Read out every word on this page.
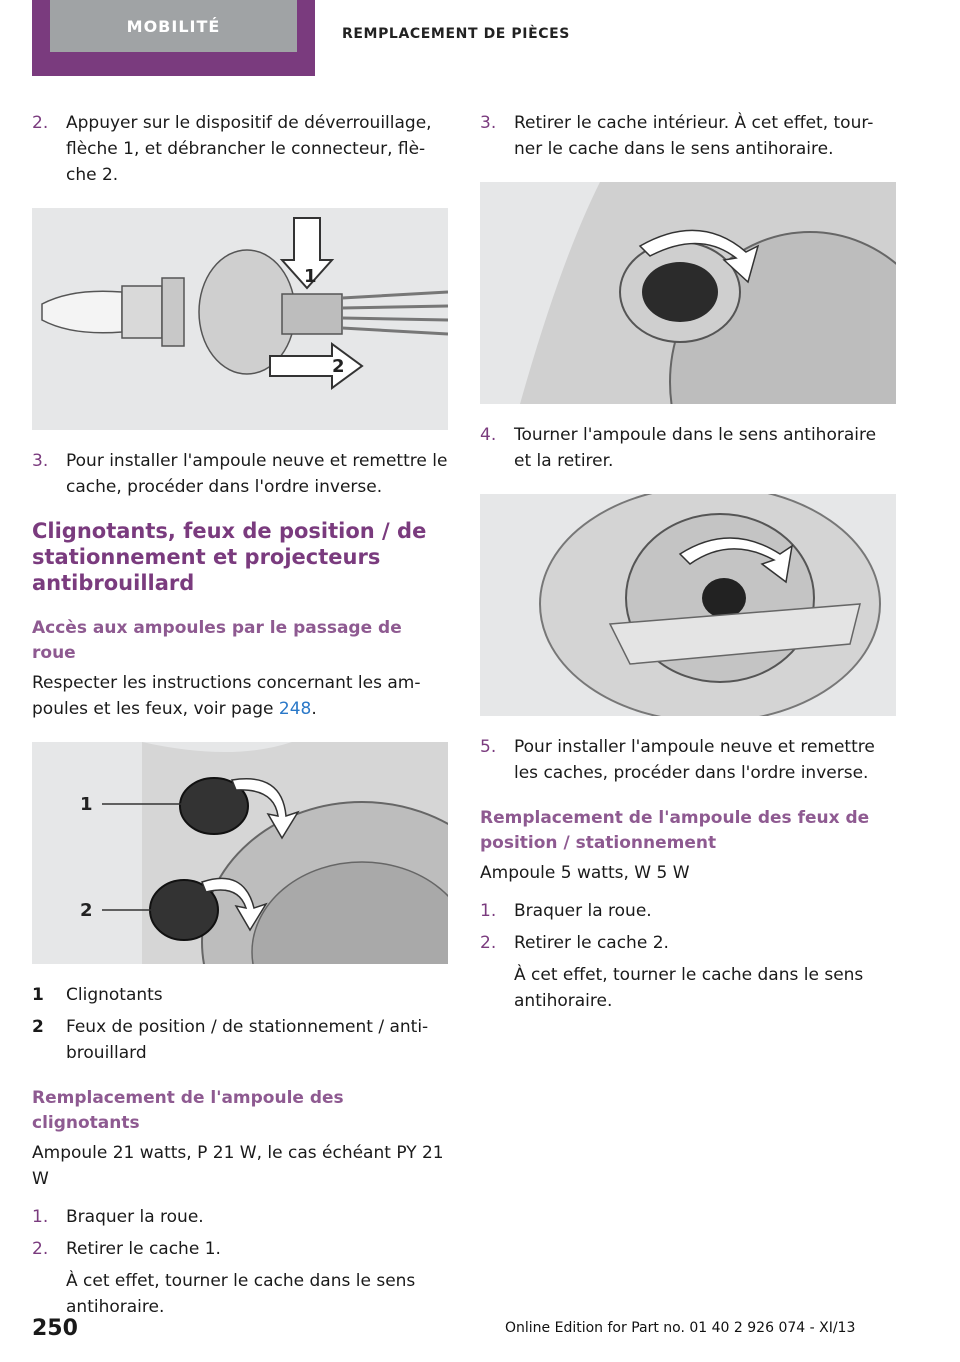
MOBILITÉ	REMPLACEMENT DE PIÈCES
2.	Appuyer sur le dispositif de déverrouillage, flèche 1, et débrancher le connecteur, flè- che 2.
1
2
3.	Pour installer l'ampoule neuve et remettre le cache, procéder dans l'ordre inverse.
Clignotants, feux de position / de stationnement et projecteurs antibrouillard
Accès aux ampoules par le passage de roue

Respecter les instructions concernant les am- poules et les feux, voir page 248.

1
2
1	Clignotants
2	Feux de position / de stationnement / anti- brouillard
Remplacement de l'ampoule des clignotants

Ampoule 21 watts, P 21 W, le cas échéant PY 21 W

1.	Braquer la roue.
2.	Retirer le cache 1.
À cet effet, tourner le cache dans le sens antihoraire.
3.	Retirer le cache intérieur. À cet effet, tour- ner le cache dans le sens antihoraire.
4.	Tourner l'ampoule dans le sens antihoraire et la retirer.
5.	Pour installer l'ampoule neuve et remettre les caches, procéder dans l'ordre inverse.
Remplacement de l'ampoule des feux de position / stationnement

Ampoule 5 watts, W 5 W

1.	Braquer la roue.
2.	Retirer le cache 2.
À cet effet, tourner le cache dans le sens antihoraire.
250	Online Edition for Part no. 01 40 2 926 074 - XI/13
